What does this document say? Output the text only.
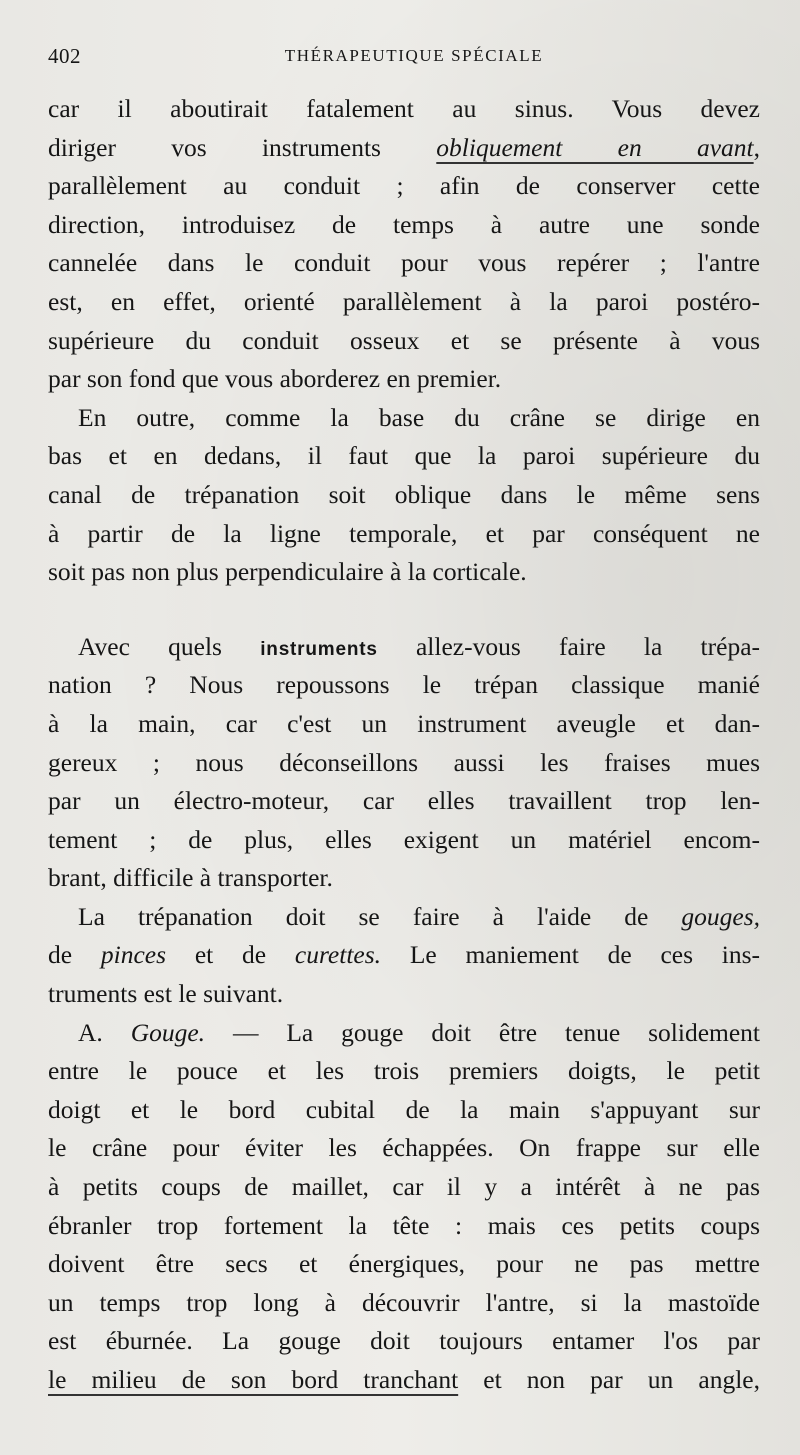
402	THÉRAPEUTIQUE SPÉCIALE
car il aboutirait fatalement au sinus. Vous devez
diriger vos instruments obliquement en avant,
parallèlement au conduit ; afin de conserver cette
direction, introduisez de temps à autre une sonde
cannelée dans le conduit pour vous repérer ; l'antre
est, en effet, orienté parallèlement à la paroi postéro-
supérieure du conduit osseux et se présente à vous
par son fond que vous aborderez en premier.
En outre, comme la base du crâne se dirige en
bas et en dedans, il faut que la paroi supérieure du
canal de trépanation soit oblique dans le même sens
à partir de la ligne temporale, et par conséquent ne
soit pas non plus perpendiculaire à la corticale.
Avec quels instruments allez-vous faire la trépa-
nation ? Nous repoussons le trépan classique manié
à la main, car c'est un instrument aveugle et dan-
gereux ; nous déconseillons aussi les fraises mues
par un électro-moteur, car elles travaillent trop len-
tement ; de plus, elles exigent un matériel encom-
brant, difficile à transporter.
La trépanation doit se faire à l'aide de gouges,
de pinces et de curettes. Le maniement de ces ins-
truments est le suivant.
A. Gouge. — La gouge doit être tenue solidement
entre le pouce et les trois premiers doigts, le petit
doigt et le bord cubital de la main s'appuyant sur
le crâne pour éviter les échappées. On frappe sur elle
à petits coups de maillet, car il y a intérêt à ne pas
ébranler trop fortement la tête : mais ces petits coups
doivent être secs et énergiques, pour ne pas mettre
un temps trop long à découvrir l'antre, si la mastoïde
est éburnée. La gouge doit toujours entamer l'os par
le milieu de son bord tranchant et non par un angle,
